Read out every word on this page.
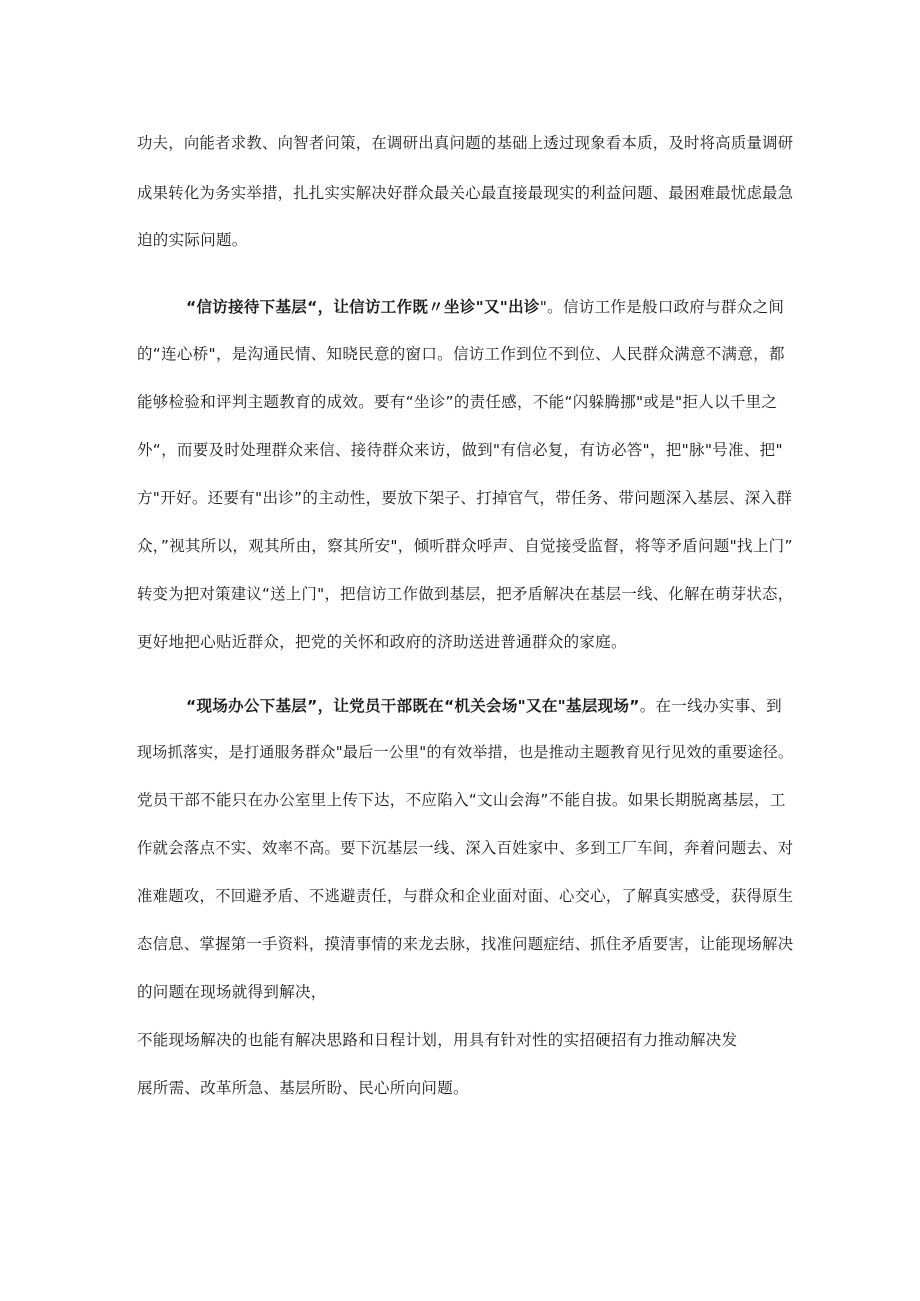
功夫，向能者求教、向智者问策，在调研出真问题的基础上透过现象看本质，及时将高质量调研
成果转化为务实举措，扎扎实实解决好群众最关心最直接最现实的利益问题、最困难最忧虑最急
迫的实际问题。
“信访接待下基层“，让信访工作既〃坐诊"又"出诊"。信访工作是般口政府与群众之间
的“连心桥"，是沟通民情、知晓民意的窗口。信访工作到位不到位、人民群众满意不满意，都
能够检验和评判主题教育的成效。要有“坐诊”的责任感，不能“闪躲腾挪"或是"拒人以千里之
外“，而要及时处理群众来信、接待群众来访，做到"有信必复，有访必答"，把"脉"号准、把"
方"开好。还要有"出诊”的主动性，要放下架子、打掉官气，带任务、带问题深入基层、深入群
众，”视其所以，观其所由，察其所安"，倾听群众呼声、自觉接受监督，将等矛盾问题"找上门”
转变为把对策建议“送上门"，把信访工作做到基层，把矛盾解决在基层一线、化解在萌芽状态，
更好地把心贴近群众，把党的关怀和政府的济助送进普通群众的家庭。
“现场办公下基层”，让党员干部既在“机关会场"又在"基层现场”。在一线办实事、到
现场抓落实，是打通服务群众"最后一公里"的有效举措，也是推动主题教育见行见效的重要途径。
党员干部不能只在办公室里上传下达，不应陷入“文山会海”不能自拔。如果长期脱离基层，工
作就会落点不实、效率不高。要下沉基层一线、深入百姓家中、多到工厂车间，奔着问题去、对
准难题攻，不回避矛盾、不逃避责任，与群众和企业面对面、心交心，了解真实感受，获得原生
态信息、掌握第一手资料，摸清事情的来龙去脉，找准问题症结、抓住矛盾要害，让能现场解决
的问题在现场就得到解决，
不能现场解决的也能有解决思路和日程计划，用具有针对性的实招硬招有力推动解决发
展所需、改革所急、基层所盼、民心所向问题。
